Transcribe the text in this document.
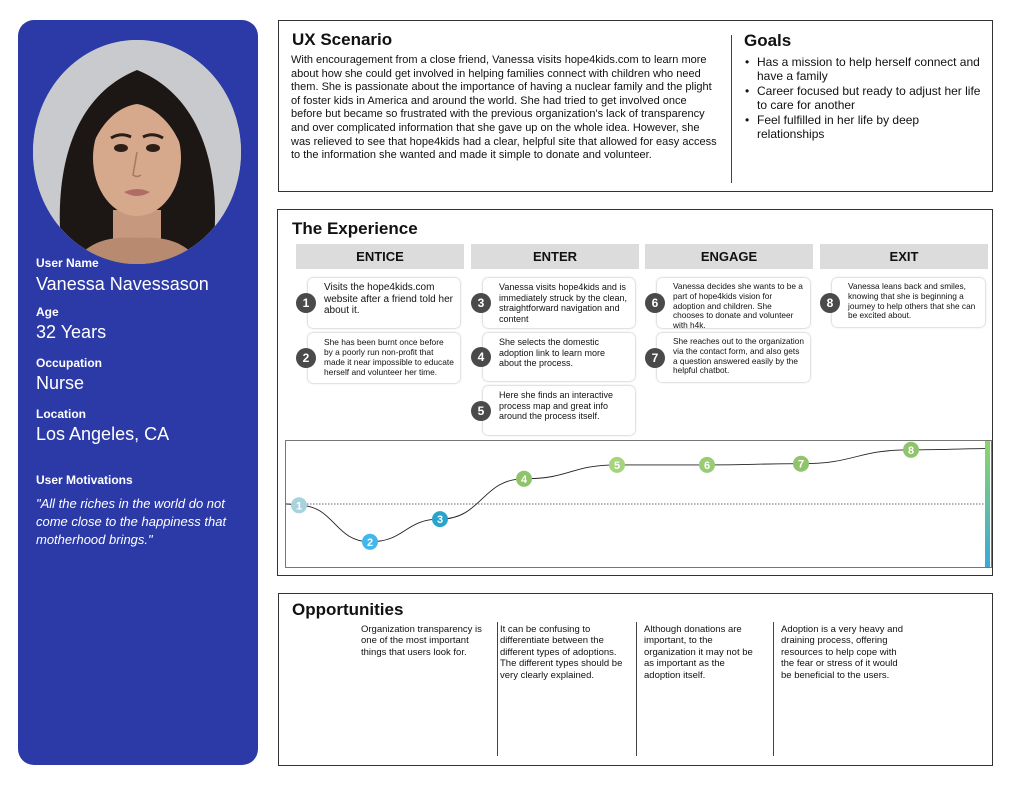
User Name
Vanessa Navessason
Age
32 Years
Occupation
Nurse
Location
Los Angeles, CA
User Motivations
"All the riches in the world do not come close to the happiness that motherhood brings."
UX Scenario
With encouragement from a close friend, Vanessa visits hope4kids.com to learn more about how she could get involved in helping families connect with children who need them. She is passionate about the importance of having a nuclear family and the plight of foster kids in America and around the world. She had tried to get involved once before but became so frustrated with the previous organization's lack of transparency and over complicated information that she gave up on the whole idea. However, she was relieved to see that hope4kids had a clear, helpful site that allowed for easy access to the information she wanted and made it simple to donate and volunteer.
Goals
• Has a mission to help herself connect and have a family
• Career focused but ready to adjust her life to care for another
• Feel fulfilled in her life by deep relationships
The Experience
ENTICE	ENTER	ENGAGE	EXIT
1
Visits the hope4kids.com website after a friend told her about it.
2
She has been burnt once before by a poorly run non-profit that made it near impossible to educate herself and volunteer her time.
3
Vanessa visits hope4kids and is immediately struck by the clean, straightforward navigation and content
4
She selects the domestic adoption link to learn more about the process.
5
Here she finds an interactive process map and great info around the process itself.
6
Vanessa decides she wants to be a part of hope4kids vision for adoption and children. She chooses to donate and volunteer with h4k.
7
She reaches out to the organization via the contact form, and also gets a question answered easily by the helpful chatbot.
8
Vanessa leans back and smiles, knowing that she is beginning a journey to help others that she can be excited about.
1
2
3
4
5	6	7
8
Opportunities
Organization transparency is one of the most important things that users look for.
It can be confusing to differentiate between the different types of adoptions. The different types should be very clearly explained.
Although donations are important, to the organization it may not be as important as the adoption itself.
Adoption is a very heavy and draining process, offering resources to help cope with the fear or stress of it would be beneficial to the users.
